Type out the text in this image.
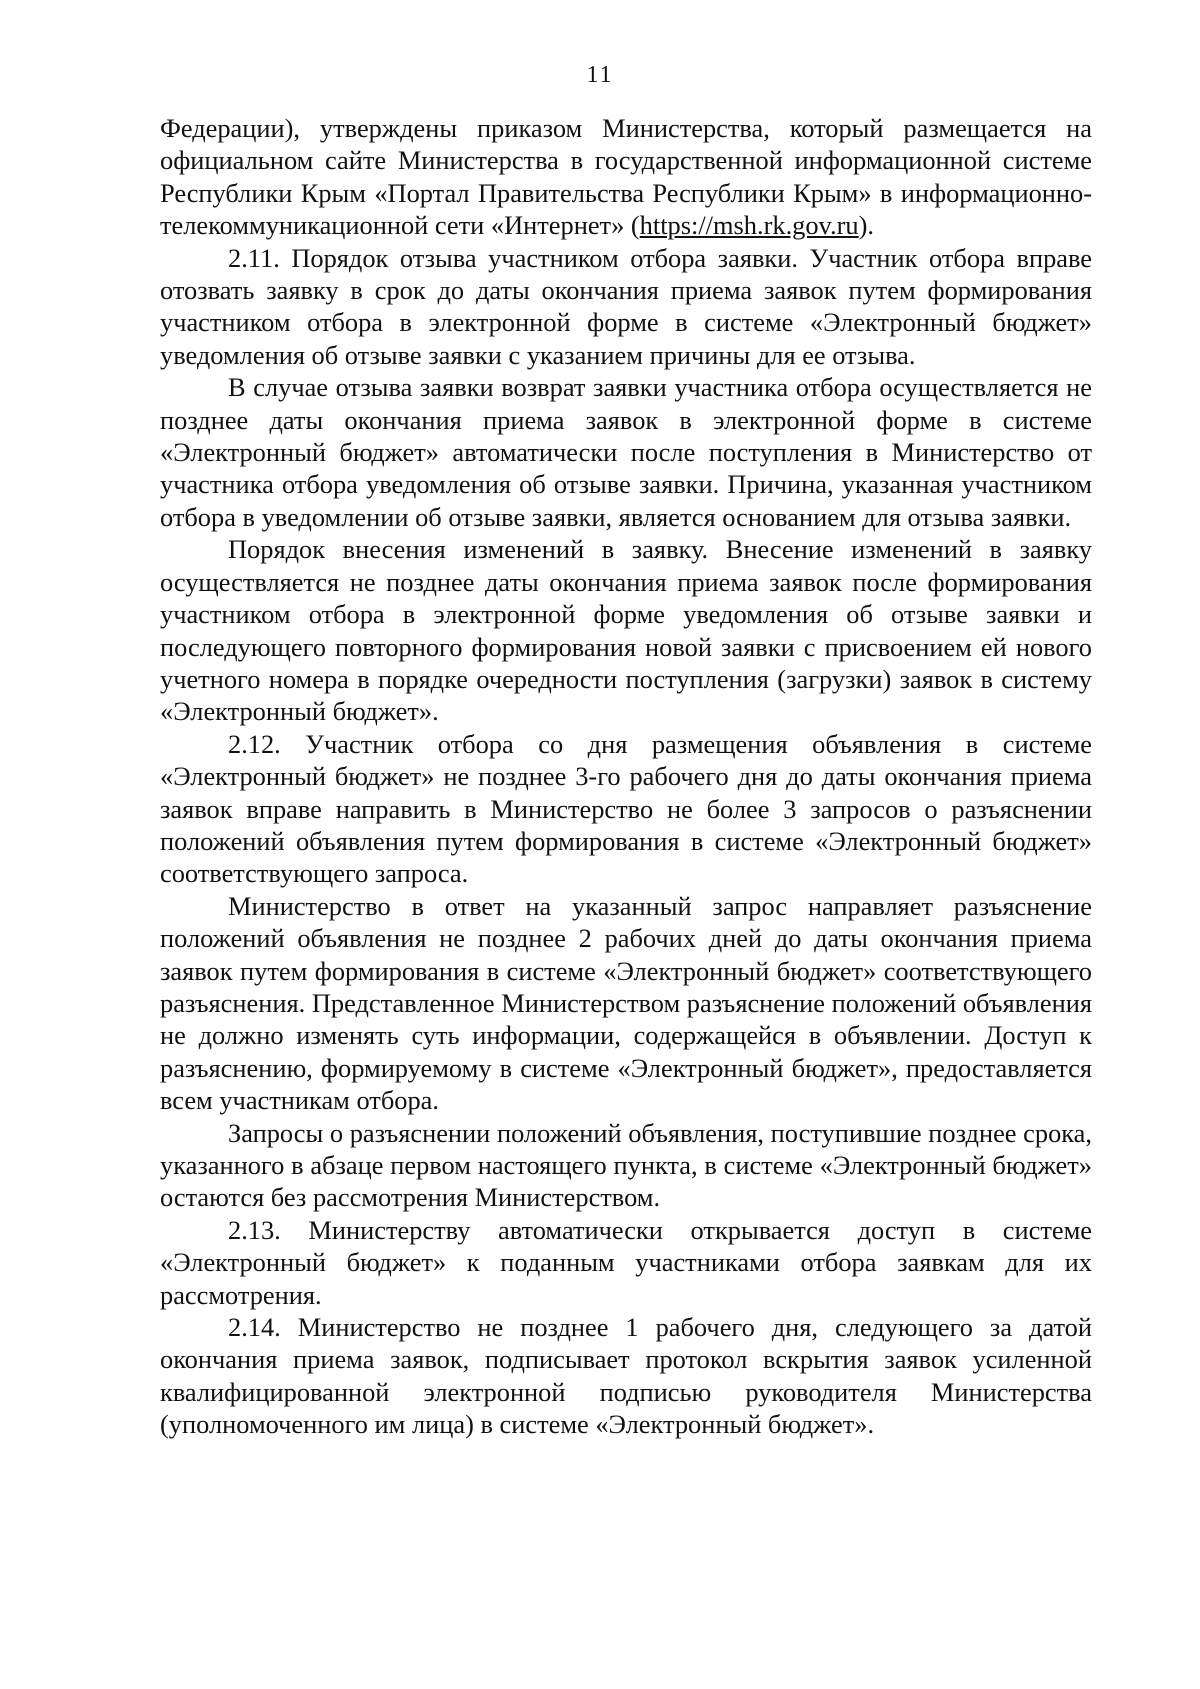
11

Федерации), утверждены приказом Министерства, который размещается на официальном сайте Министерства в государственной информационной системе Республики Крым «Портал Правительства Республики Крым» в информационно-телекоммуникационной сети «Интернет» (https://msh.rk.gov.ru).

2.11. Порядок отзыва участником отбора заявки. Участник отбора вправе отозвать заявку в срок до даты окончания приема заявок путем формирования участником отбора в электронной форме в системе «Электронный бюджет» уведомления об отзыве заявки с указанием причины для ее отзыва.

В случае отзыва заявки возврат заявки участника отбора осуществляется не позднее даты окончания приема заявок в электронной форме в системе «Электронный бюджет» автоматически после поступления в Министерство от участника отбора уведомления об отзыве заявки. Причина, указанная участником отбора в уведомлении об отзыве заявки, является основанием для отзыва заявки.

Порядок внесения изменений в заявку. Внесение изменений в заявку осуществляется не позднее даты окончания приема заявок после формирования участником отбора в электронной форме уведомления об отзыве заявки и последующего повторного формирования новой заявки с присвоением ей нового учетного номера в порядке очередности поступления (загрузки) заявок в систему «Электронный бюджет».

2.12. Участник отбора со дня размещения объявления в системе «Электронный бюджет» не позднее 3-го рабочего дня до даты окончания приема заявок вправе направить в Министерство не более 3 запросов о разъяснении положений объявления путем формирования в системе «Электронный бюджет» соответствующего запроса.

Министерство в ответ на указанный запрос направляет разъяснение положений объявления не позднее 2 рабочих дней до даты окончания приема заявок путем формирования в системе «Электронный бюджет» соответствующего разъяснения. Представленное Министерством разъяснение положений объявления не должно изменять суть информации, содержащейся в объявлении. Доступ к разъяснению, формируемому в системе «Электронный бюджет», предоставляется всем участникам отбора.

Запросы о разъяснении положений объявления, поступившие позднее срока, указанного в абзаце первом настоящего пункта, в системе «Электронный бюджет» остаются без рассмотрения Министерством.

2.13. Министерству автоматически открывается доступ в системе «Электронный бюджет» к поданным участниками отбора заявкам для их рассмотрения.

2.14. Министерство не позднее 1 рабочего дня, следующего за датой окончания приема заявок, подписывает протокол вскрытия заявок усиленной квалифицированной электронной подписью руководителя Министерства (уполномоченного им лица) в системе «Электронный бюджет».
